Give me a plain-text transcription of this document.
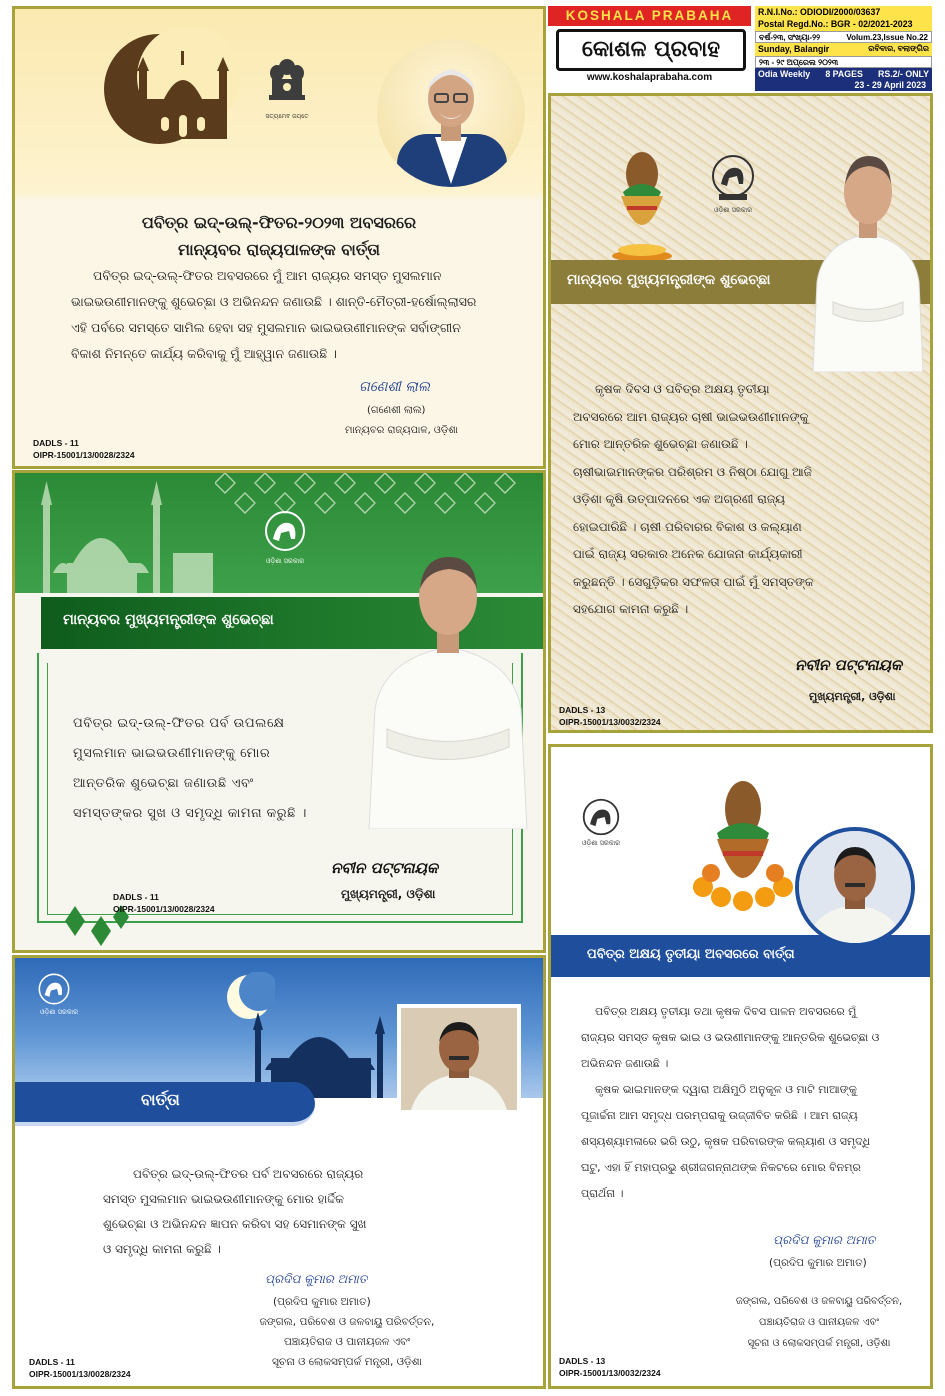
KOSHALA PRABAHA
କୋଶଳ ପ୍ରବାହ
www.koshalaprabaha.com
R.N.I.No.: ODIODI/2000/03637
Postal Regd.No.: BGR - 02/2021-2023
ବର୍ଷ-୨୩, ସଂଖ୍ୟା-୨୨	Volum.23,Issue No.22
Sunday, Balangir	ରବିବାର, ବଲାଙ୍ଗିର
୨୩ - ୨୯ ଅପ୍ରେଲ ୨୦୨୩
Odia Weekly 8 PAGES RS.2/- ONLY
23 - 29 April 2023
ସତ୍ୟମେବ ଜୟତେ
ପବିତ୍ର ଇଦ୍-ଉଲ୍-ଫିତର-୨୦୨୩ ଅବସରରେ
ମାନ୍ୟବର ରାଜ୍ୟପାଳଙ୍କ ବାର୍ତ୍ତା
ପବିତ୍ର ଇଦ୍-ଉଲ୍-ଫିତର ଅବସରରେ ମୁଁ ଆମ ରାଜ୍ୟର ସମସ୍ତ ମୁସଲମାନ
ଭାଇଭଉଣୀମାନଙ୍କୁ ଶୁଭେଚ୍ଛା ଓ ଅଭିନନ୍ଦନ ଜଣାଉଛି । ଶାନ୍ତି-ମୈତ୍ରୀ-ହର୍ଷୋଲ୍ଲାସର
ଏହି ପର୍ବରେ ସମସ୍ତେ ସାମିଲ ହେବା ସହ ମୁସଲମାନ ଭାଇଭଉଣୀମାନଙ୍କ ସର୍ବାଙ୍ଗୀନ
ବିକାଶ ନିମନ୍ତେ କାର୍ଯ୍ୟ କରିବାକୁ ମୁଁ ଆହ୍ୱାନ ଜଣାଉଛି ।
ଗଣେଶୀ ଲାଲ
(ଗଣେଶୀ ଲାଲ)
ମାନ୍ୟବର ରାଜ୍ୟପାଳ, ଓଡ଼ିଶା
DADLS - 11
OIPR-15001/13/0028/2324
ଓଡ଼ିଶା ସରକାର
ମାନ୍ୟବର ମୁଖ୍ୟମନ୍ତ୍ରୀଙ୍କ ଶୁଭେଚ୍ଛା
କୃଷକ ଦିବସ ଓ ପବିତ୍ର ଅକ୍ଷୟ ତୃତୀୟା
ଅବସରରେ ଆମ ରାଜ୍ୟର ଚାଷୀ ଭାଇଭଉଣୀମାନଙ୍କୁ
ମୋର ଆନ୍ତରିକ ଶୁଭେଚ୍ଛା ଜଣାଉଛି ।
ଚାଷୀଭାଇମାନଙ୍କର ପରିଶ୍ରମ ଓ ନିଷ୍ଠା ଯୋଗୁ ଆଜି
ଓଡ଼ିଶା କୃଷି ଉତ୍ପାଦନରେ ଏକ ଅଗ୍ରଣୀ ରାଜ୍ୟ
ହୋଇପାରିଛି । ଚାଷୀ ପରିବାରର ବିକାଶ ଓ କଲ୍ୟାଣ
ପାଇଁ ରାଜ୍ୟ ସରକାର ଅନେକ ଯୋଜନା କାର୍ଯ୍ୟକାରୀ
କରୁଛନ୍ତି । ସେଗୁଡ଼ିକର ସଫଳତା ପାଇଁ ମୁଁ ସମସ୍ତଙ୍କ
ସହଯୋଗ କାମନା କରୁଛି ।
ନବୀନ ପଟ୍ଟନାୟକ
ମୁଖ୍ୟମନ୍ତ୍ରୀ, ଓଡ଼ିଶା
DADLS - 13
OIPR-15001/13/0032/2324
ଓଡ଼ିଶା ସରକାର
ମାନ୍ୟବର ମୁଖ୍ୟମନ୍ତ୍ରୀଙ୍କ ଶୁଭେଚ୍ଛା
ପବିତ୍ର ଇଦ୍-ଉଲ୍-ଫିତର ପର୍ବ ଉପଲକ୍ଷେ
ମୁସଲମାନ ଭାଇଭଉଣୀମାନଙ୍କୁ ମୋର
ଆନ୍ତରିକ ଶୁଭେଚ୍ଛା ଜଣାଉଛି ଏବଂ
ସମସ୍ତଙ୍କର ସୁଖ ଓ ସମୃଦ୍ଧି କାମନା କରୁଛି ।
ନବୀନ ପଟ୍ଟନାୟକ
ମୁଖ୍ୟମନ୍ତ୍ରୀ, ଓଡ଼ିଶା
DADLS - 11
OIPR-15001/13/0028/2324
ଓଡ଼ିଶା ସରକାର
ବାର୍ତ୍ତା
ପବିତ୍ର ଇଦ୍-ଉଲ୍-ଫିତର ପର୍ବ ଅବସରରେ ରାଜ୍ୟର
ସମସ୍ତ ମୁସଲମାନ ଭାଇଭଉଣୀମାନଙ୍କୁ ମୋର ହାର୍ଦ୍ଦିକ
ଶୁଭେଚ୍ଛା ଓ ଅଭିନନ୍ଦନ ଜ୍ଞାପନ କରିବା ସହ ସେମାନଙ୍କ ସୁଖ
ଓ ସମୃଦ୍ଧି କାମନା କରୁଛି ।
ପ୍ରଦିପ କୁମାର ଅମାତ
(ପ୍ରଦିପ କୁମାର ଅମାତ)
ଜଙ୍ଗଲ, ପରିବେଶ ଓ ଜଳବାୟୁ ପରିବର୍ତ୍ତନ,
ପଞ୍ଚାୟତିରାଜ ଓ ପାନୀୟଜଳ ଏବଂ
ସୂଚନା ଓ ଲୋକସମ୍ପର୍କ ମନ୍ତ୍ରୀ, ଓଡ଼ିଶା
DADLS - 11
OIPR-15001/13/0028/2324
ଓଡ଼ିଶା ସରକାର
ପବିତ୍ର ଅକ୍ଷୟ ତୃତୀୟା ଅବସରରେ ବାର୍ତ୍ତା
ପବିତ୍ର ଅକ୍ଷୟ ତୃତୀୟା ତଥା କୃଷକ ଦିବସ ପାଳନ ଅବସରରେ ମୁଁ
ରାଜ୍ୟର ସମସ୍ତ କୃଷକ ଭାଇ ଓ ଭଉଣୀମାନଙ୍କୁ ଆନ୍ତରିକ ଶୁଭେଚ୍ଛା ଓ
ଅଭିନନ୍ଦନ ଜଣାଉଛି ।
କୃଷକ ଭାଇମାନଙ୍କ ଦ୍ୱାରା ଅକ୍ଷିମୁଠି ଅନୁକୂଳ ଓ ମାଟି ମାଆଙ୍କୁ
ପୂଜାର୍ଚ୍ଚନା ଆମ ସମୃଦ୍ଧ ପରମ୍ପରାକୁ ଉଜ୍ଜୀବିତ କରିଛି । ଆମ ରାଜ୍ୟ
ଶସ୍ୟଶ୍ୟାମଳାରେ ଭରି ଉଠୁ, କୃଷକ ପରିବାରଙ୍କ କଲ୍ୟାଣ ଓ ସମୃଦ୍ଧି
ଘଟୁ, ଏହା ହିଁ ମହାପ୍ରଭୁ ଶ୍ରୀଜଗନ୍ନାଥଙ୍କ ନିକଟରେ ମୋର ବିନମ୍ର
ପ୍ରାର୍ଥନା ।
ପ୍ରଦିପ କୁମାର ଅମାତ
(ପ୍ରଦିପ କୁମାର ଅମାତ)
ଜଙ୍ଗଲ, ପରିବେଶ ଓ ଜଳବାୟୁ ପରିବର୍ତ୍ତନ,
ପଞ୍ଚାୟତିରାଜ ଓ ପାନୀୟଜଳ ଏବଂ
ସୂଚନା ଓ ଲୋକସମ୍ପର୍କ ମନ୍ତ୍ରୀ, ଓଡ଼ିଶା
DADLS - 13
OIPR-15001/13/0032/2324
